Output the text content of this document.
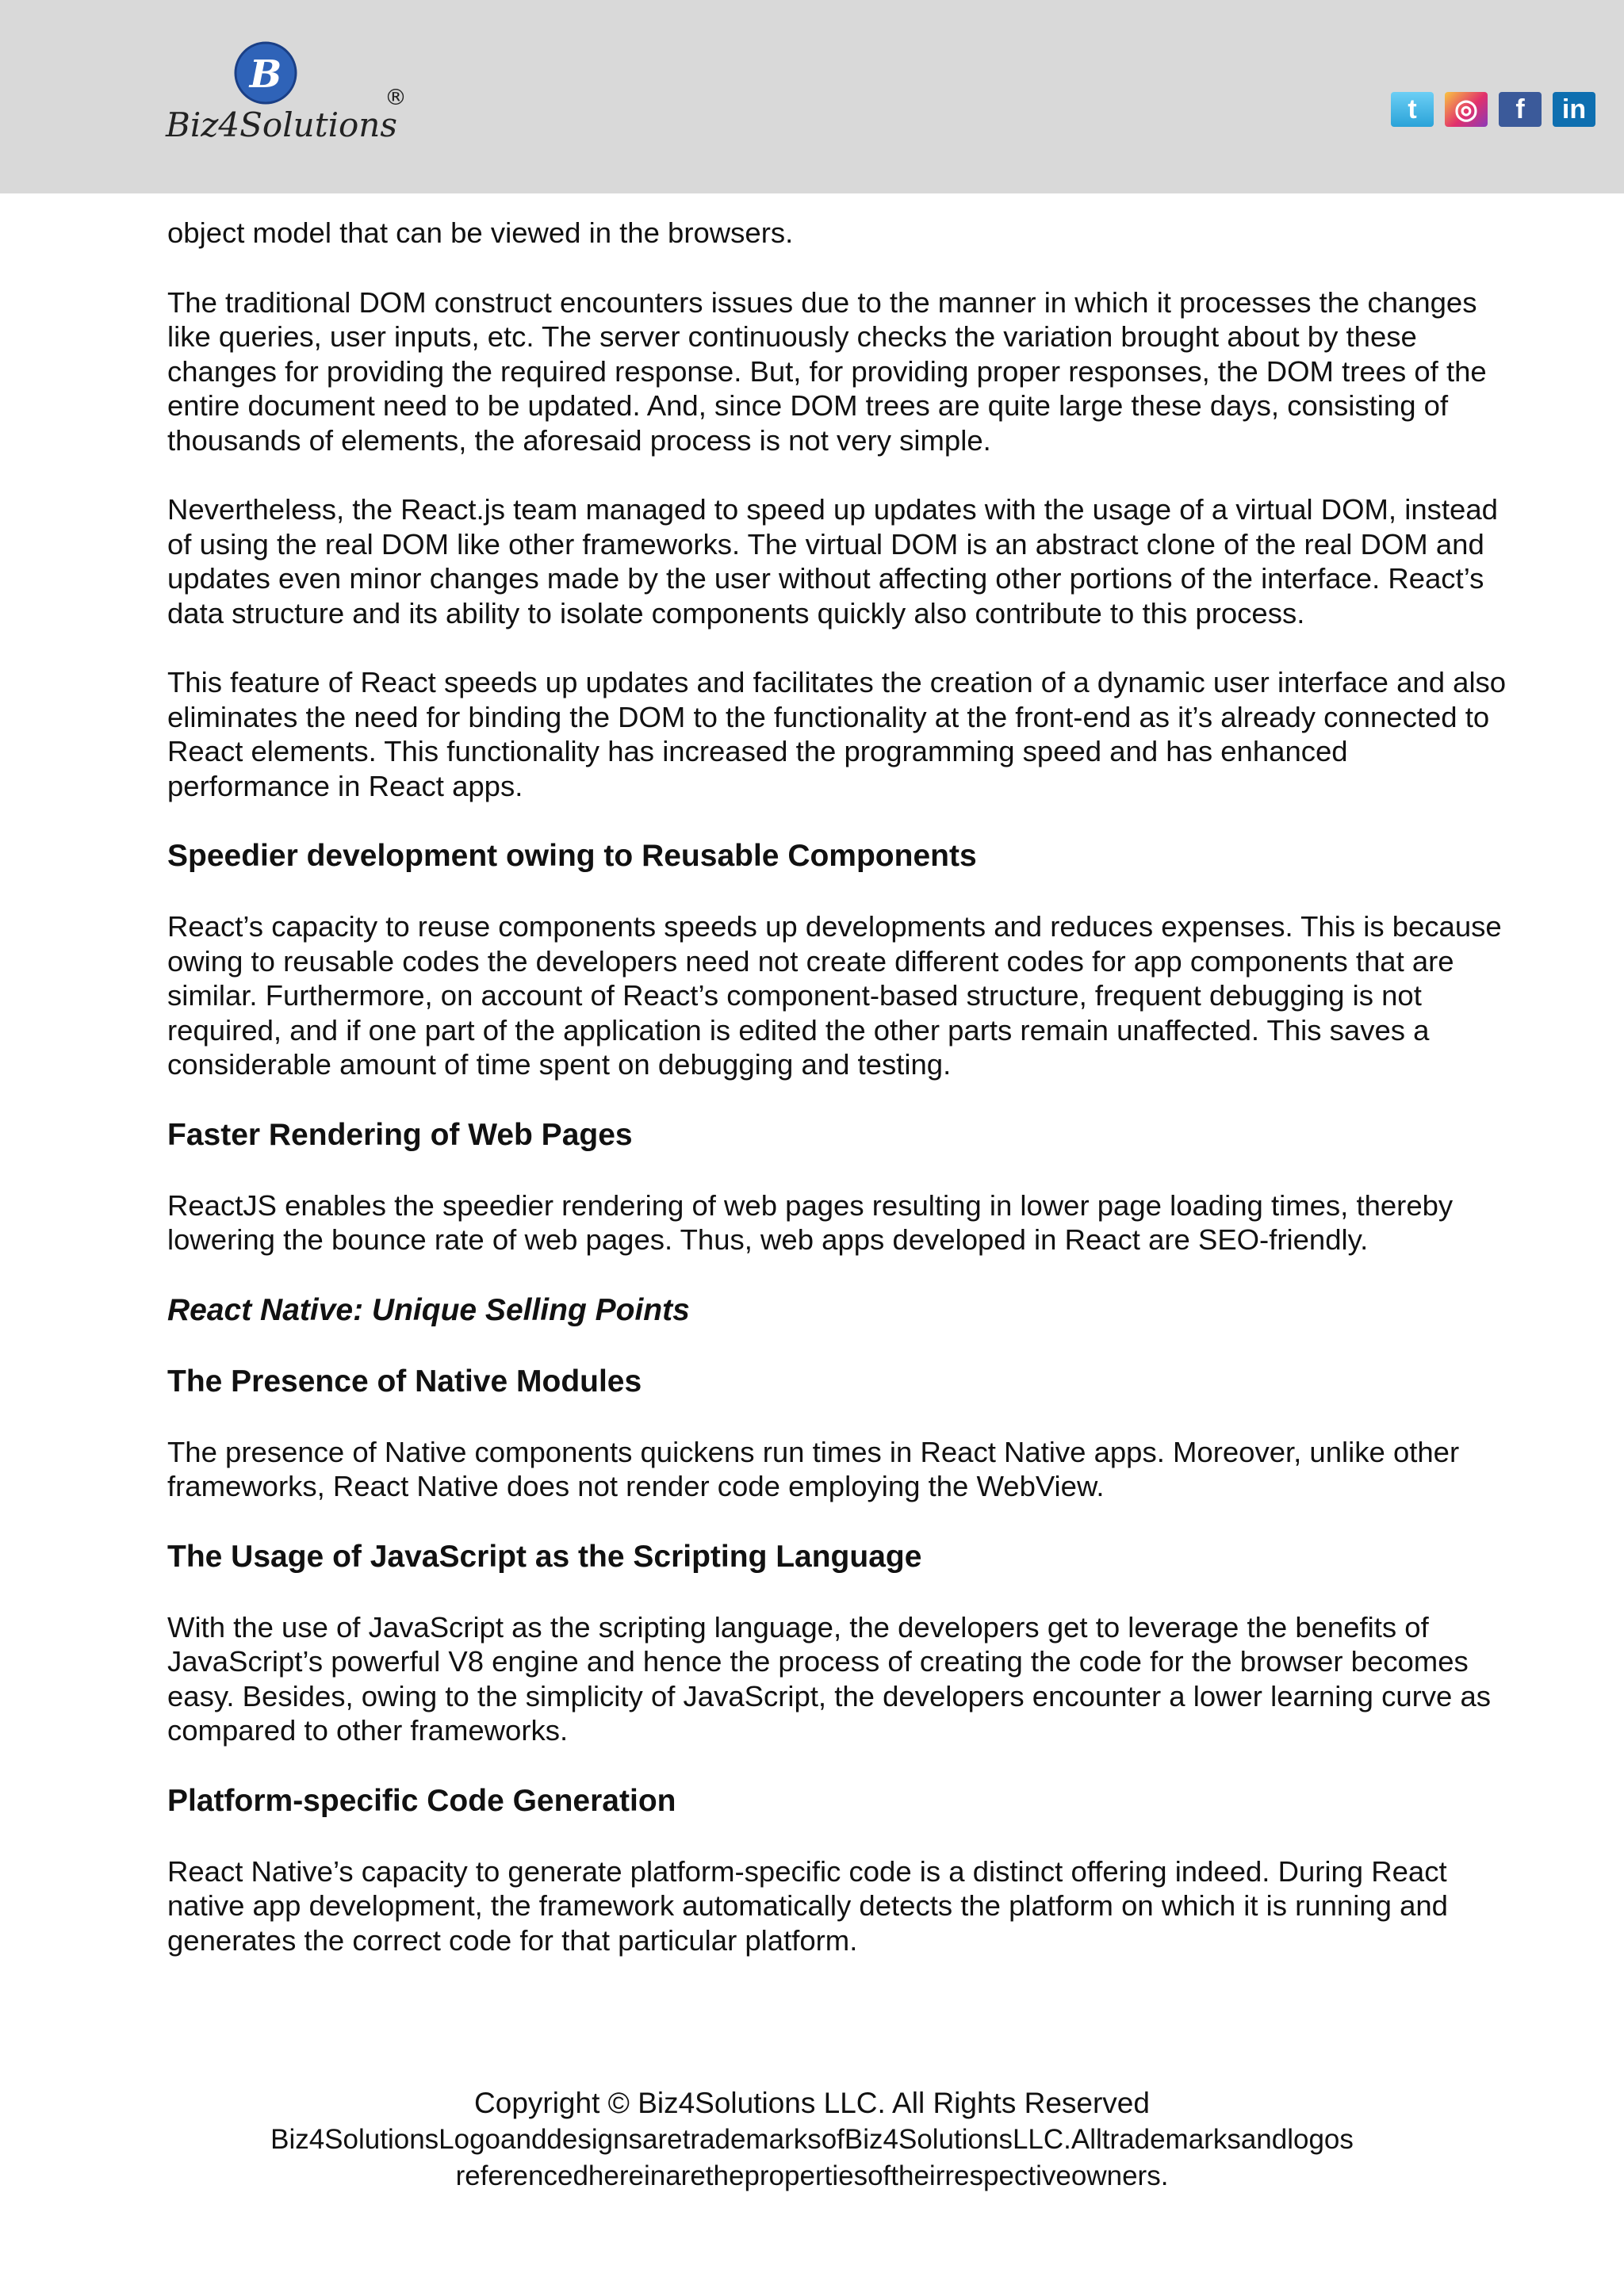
B
Biz4Solutions
®	t	◎	f	in

object model that can be viewed in the browsers.

The traditional DOM construct encounters issues due to the manner in which it processes the changes like queries, user inputs, etc. The server continuously checks the variation brought about by these changes for providing the required response. But, for providing proper responses, the DOM trees of the entire document need to be updated. And, since DOM trees are quite large these days, consisting of thousands of elements, the aforesaid process is not very simple.

Nevertheless, the React.js team managed to speed up updates with the usage of a virtual DOM, instead of using the real DOM like other frameworks. The virtual DOM is an abstract clone of the real DOM and updates even minor changes made by the user without affecting other portions of the interface. React’s data structure and its ability to isolate components quickly also contribute to this process.

This feature of React speeds up updates and facilitates the creation of a dynamic user interface and also eliminates the need for binding the DOM to the functionality at the front-end as it’s already connected to React elements. This functionality has increased the programming speed and has enhanced performance in React apps.

Speedier development owing to Reusable Components

React’s capacity to reuse components speeds up developments and reduces expenses. This is because owing to reusable codes the developers need not create different codes for app components that are similar. Furthermore, on account of React’s component-based structure, frequent debugging is not required, and if one part of the application is edited the other parts remain unaffected. This saves a considerable amount of time spent on debugging and testing.

Faster Rendering of Web Pages

ReactJS enables the speedier rendering of web pages resulting in lower page loading times, thereby lowering the bounce rate of web pages. Thus, web apps developed in React are SEO-friendly.

React Native: Unique Selling Points
The Presence of Native Modules

The presence of Native components quickens run times in React Native apps. Moreover, unlike other frameworks, React Native does not render code employing the WebView.

The Usage of JavaScript as the Scripting Language

With the use of JavaScript as the scripting language, the developers get to leverage the benefits of JavaScript’s powerful V8 engine and hence the process of creating the code for the browser becomes easy. Besides, owing to the simplicity of JavaScript, the developers encounter a lower learning curve as compared to other frameworks.

Platform-specific Code Generation

React Native’s capacity to generate platform-specific code is a distinct offering indeed. During React native app development, the framework automatically detects the platform on which it is running and generates the correct code for that particular platform.

Copyright © Biz4Solutions LLC. All Rights Reserved
Biz4SolutionsLogoanddesignsaretrademarksofBiz4SolutionsLLC.Alltrademarksandlogos
referencedhereinarethepropertiesoftheirrespectiveowners.
